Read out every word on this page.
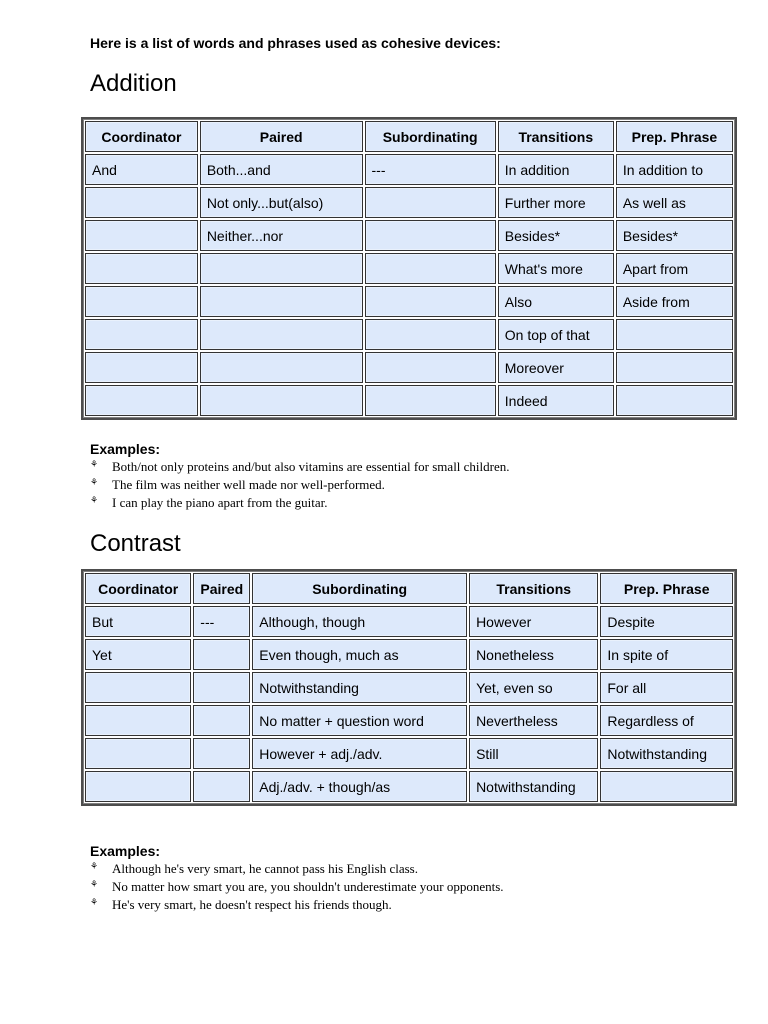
Here is a list of words and phrases used as cohesive devices:
Addition
Coordinator	Paired	Subordinating	Transitions	Prep. Phrase
And	Both...and	---	In addition	In addition to
	Not only...but(also)		Further more	As well as
	Neither...nor		Besides*	Besides*
			What's more	Apart from
			Also	Aside from
			On top of that	
			Moreover	
			Indeed	
Examples:
⚘ Both/not only proteins and/but also vitamins are essential for small children.
⚘ The film was neither well made nor well-performed.
⚘ I can play the piano apart from the guitar.
Contrast
Coordinator	Paired	Subordinating	Transitions	Prep. Phrase
But	---	Although, though	However	Despite
Yet		Even though, much as	Nonetheless	In spite of
		Notwithstanding	Yet, even so	For all
		No matter + question word	Nevertheless	Regardless of
		However + adj./adv.	Still	Notwithstanding
		Adj./adv. + though/as	Notwithstanding	
Examples:
⚘ Although he's very smart, he cannot pass his English class.
⚘ No matter how smart you are, you shouldn't underestimate your opponents.
⚘ He's very smart, he doesn't respect his friends though.
